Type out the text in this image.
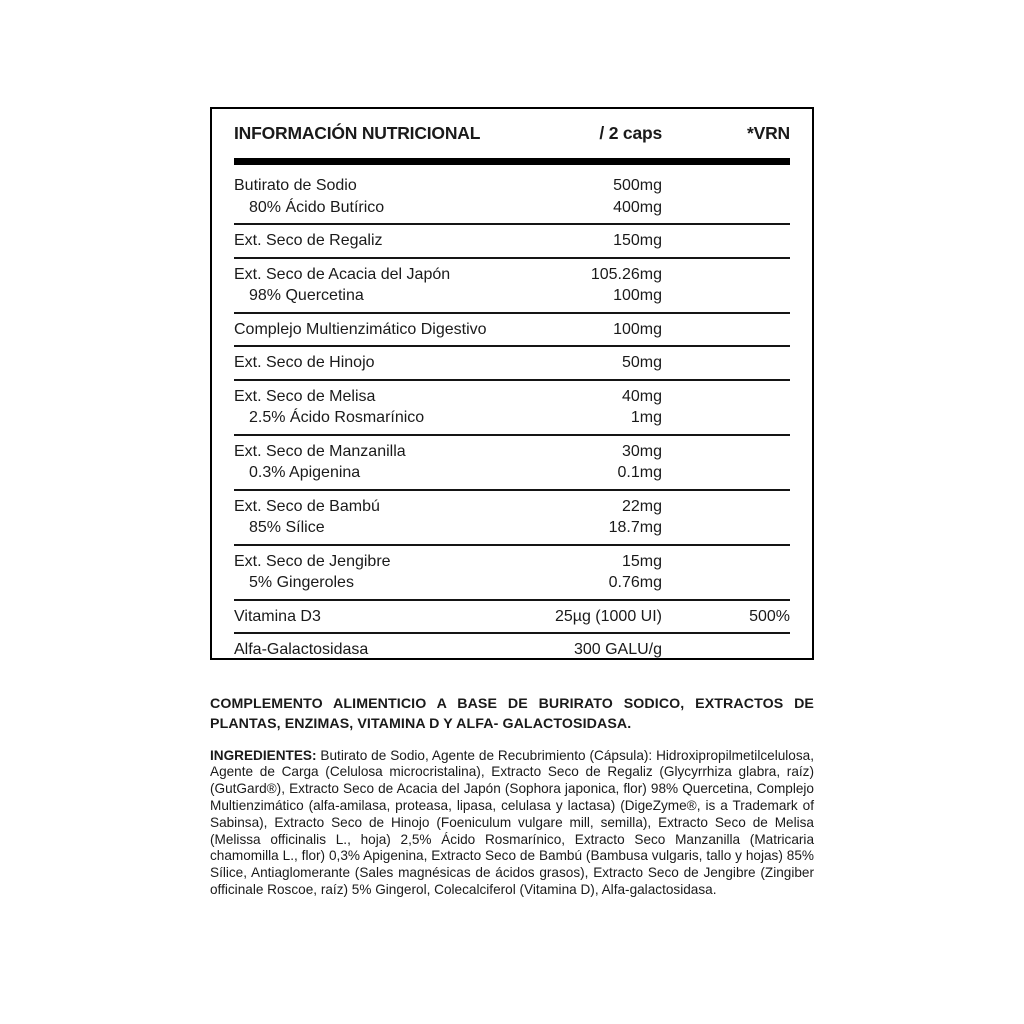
INFORMACIÓN NUTRICIONAL	/ 2 caps	*VRN
Butirato de Sodio	500mg
80% Ácido Butírico	400mg
Ext. Seco de Regaliz	150mg
Ext. Seco de Acacia del Japón	105.26mg
98% Quercetina	100mg
Complejo Multienzimático Digestivo	100mg
Ext. Seco de Hinojo	50mg
Ext. Seco de Melisa	40mg
2.5% Ácido Rosmarínico	1mg
Ext. Seco de Manzanilla	30mg
0.3% Apigenina	0.1mg
Ext. Seco de Bambú	22mg
85% Sílice	18.7mg
Ext. Seco de Jengibre	15mg
5% Gingeroles	0.76mg
Vitamina D3	25µg (1000 UI)	500%
Alfa-Galactosidasa	300 GALU/g

COMPLEMENTO ALIMENTICIO A BASE DE BURIRATO SODICO, EXTRACTOS DE PLANTAS, ENZIMAS, VITAMINA D Y ALFA- GALACTOSIDASA.

INGREDIENTES: Butirato de Sodio, Agente de Recubrimiento (Cápsula): Hidroxipropilmetilcelulosa, Agente de Carga (Celulosa microcristalina), Extracto Seco de Regaliz (Glycyrrhiza glabra, raíz) (GutGard®), Extracto Seco de Acacia del Japón (Sophora japonica, flor) 98% Quercetina, Complejo Multienzimático (alfa-amilasa, proteasa, lipasa, celulasa y lactasa) (DigeZyme®, is a Trademark of Sabinsa), Extracto Seco de Hinojo (Foeniculum vulgare mill, semilla), Extracto Seco de Melisa (Melissa officinalis L., hoja) 2,5% Ácido Rosmarínico, Extracto Seco Manzanilla (Matricaria chamomilla L., flor) 0,3% Apigenina, Extracto Seco de Bambú (Bambusa vulgaris, tallo y hojas) 85% Sílice, Antiaglomerante (Sales magnésicas de ácidos grasos), Extracto Seco de Jengibre (Zingiber officinale Roscoe, raíz) 5% Gingerol, Colecalciferol (Vitamina D), Alfa-galactosidasa.
